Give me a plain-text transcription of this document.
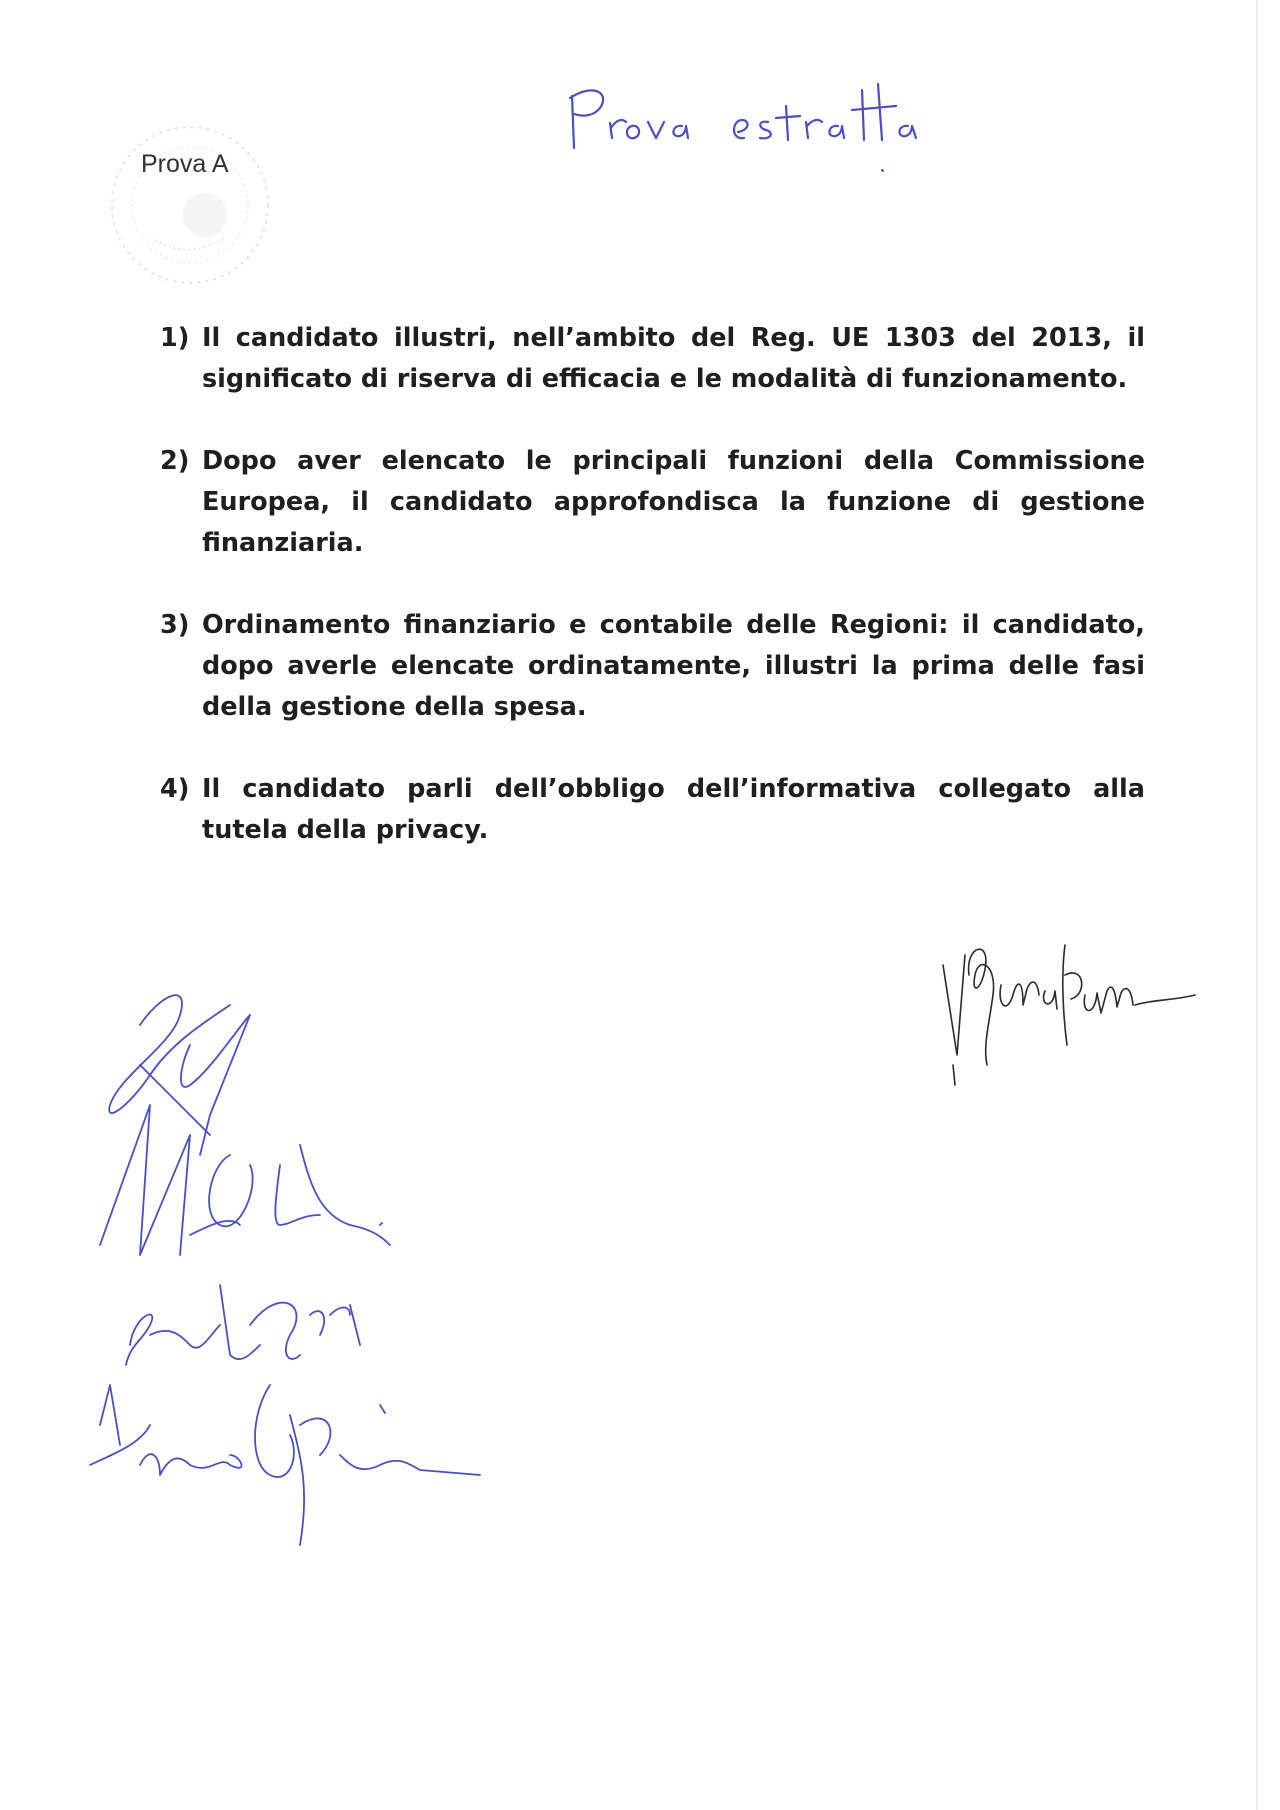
Prova A
1) Il candidato illustri, nell’ambito del Reg. UE 1303 del 2013, il significato di riserva di efficacia e le modalità di funzionamento.
2) Dopo aver elencato le principali funzioni della Commissione Europea, il candidato approfondisca la funzione di gestione finanziaria.
3) Ordinamento finanziario e contabile delle Regioni: il candidato, dopo averle elencate ordinatamente, illustri la prima delle fasi della gestione della spesa.
4) Il candidato parli dell’obbligo dell’informativa collegato alla tutela della privacy.
